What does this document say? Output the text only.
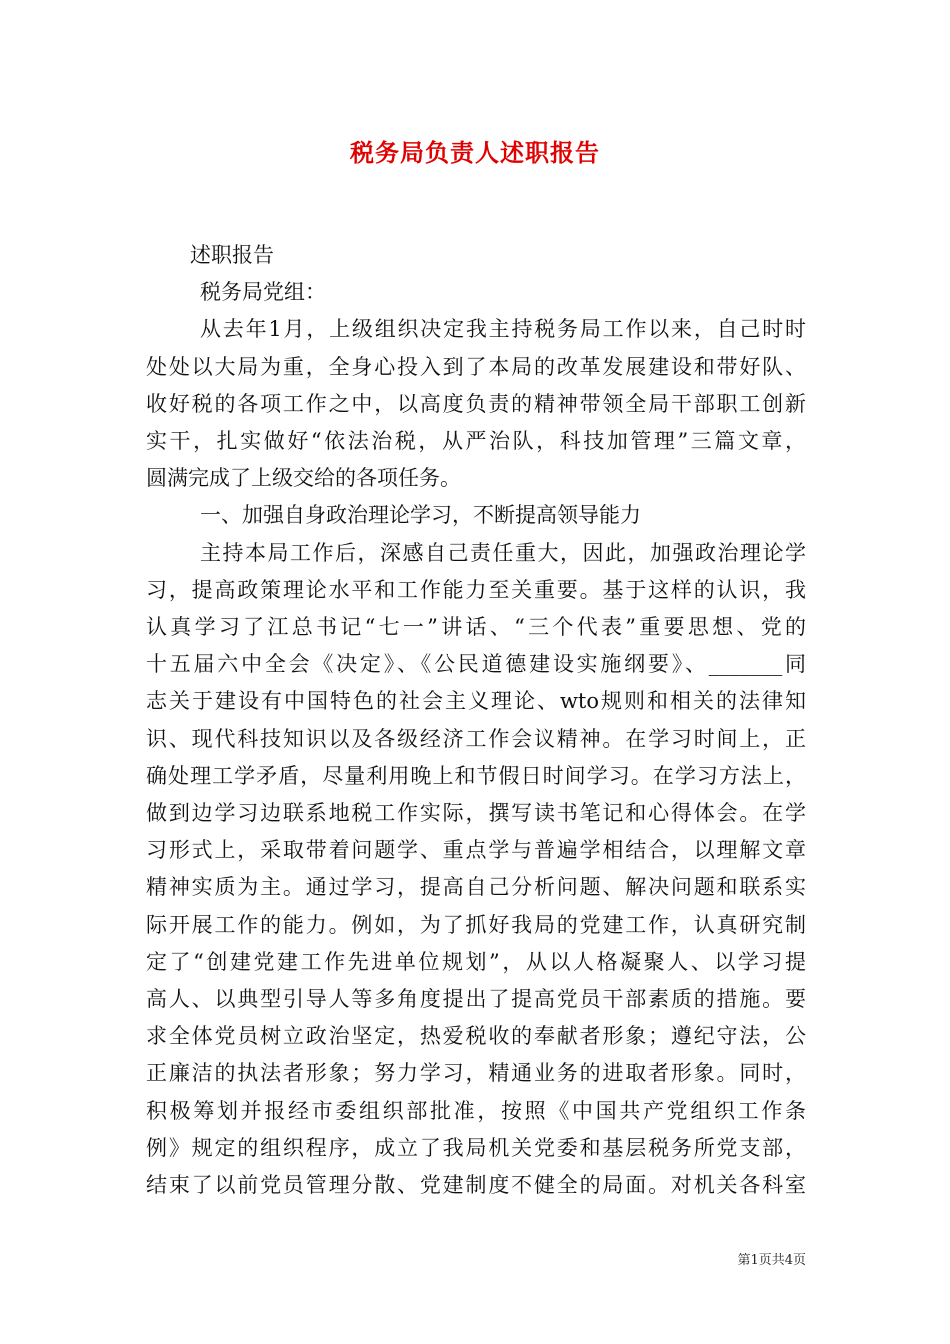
税务局负责人述职报告
述职报告
税务局党组：
从去年1月，上级组织决定我主持税务局工作以来，自己时时
处处以大局为重，全身心投入到了本局的改革发展建设和带好队、
收好税的各项工作之中，以高度负责的精神带领全局干部职工创新
实干，扎实做好“依法治税，从严治队，科技加管理”三篇文章，
圆满完成了上级交给的各项任务。
一、加强自身政治理论学习，不断提高领导能力
主持本局工作后，深感自己责任重大，因此，加强政治理论学
习，提高政策理论水平和工作能力至关重要。基于这样的认识，我
认真学习了江总书记“七一”讲话、“三个代表”重要思想、党的
十五届六中全会《决定》、《公民道德建设实施纲要》、_______同
志关于建设有中国特色的社会主义理论、wto规则和相关的法律知
识、现代科技知识以及各级经济工作会议精神。在学习时间上，正
确处理工学矛盾，尽量利用晚上和节假日时间学习。在学习方法上，
做到边学习边联系地税工作实际，撰写读书笔记和心得体会。在学
习形式上，采取带着问题学、重点学与普遍学相结合，以理解文章
精神实质为主。通过学习，提高自己分析问题、解决问题和联系实
际开展工作的能力。例如，为了抓好我局的党建工作，认真研究制
定了“创建党建工作先进单位规划”，从以人格凝聚人、以学习提
高人、以典型引导人等多角度提出了提高党员干部素质的措施。要
求全体党员树立政治坚定，热爱税收的奉献者形象；遵纪守法，公
正廉洁的执法者形象；努力学习，精通业务的进取者形象。同时，
积极筹划并报经市委组织部批准，按照《中国共产党组织工作条
例》规定的组织程序，成立了我局机关党委和基层税务所党支部，
结束了以前党员管理分散、党建制度不健全的局面。对机关各科室
第1页共4页
